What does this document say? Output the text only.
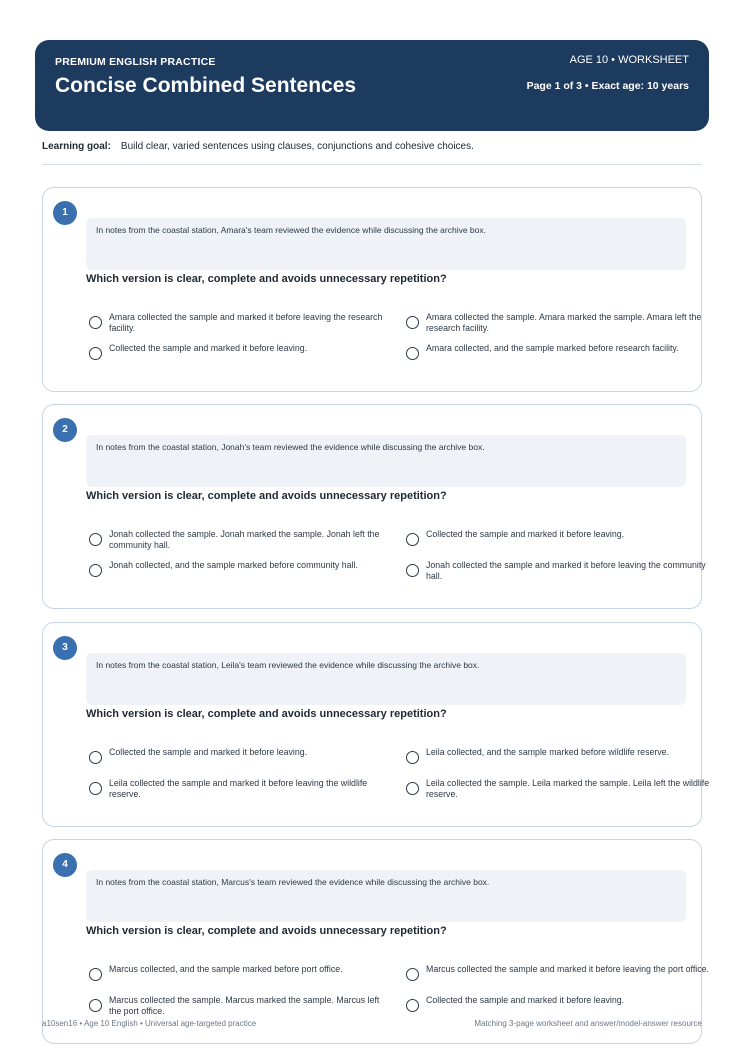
PREMIUM ENGLISH PRACTICE
Concise Combined Sentences
AGE 10 • WORKSHEET
Page 1 of 3 • Exact age: 10 years
Learning goal: Build clear, varied sentences using clauses, conjunctions and cohesive choices.
1
In notes from the coastal station, Amara's team reviewed the evidence while discussing the archive box.
Which version is clear, complete and avoids unnecessary repetition?
Amara collected the sample and marked it before leaving the research facility.
Amara collected the sample. Amara marked the sample. Amara left the research facility.
Collected the sample and marked it before leaving.	Amara collected, and the sample marked before research facility.
2
In notes from the coastal station, Jonah's team reviewed the evidence while discussing the archive box.
Which version is clear, complete and avoids unnecessary repetition?
Jonah collected the sample. Jonah marked the sample. Jonah left the community hall.
Collected the sample and marked it before leaving.
Jonah collected, and the sample marked before community hall.	Jonah collected the sample and marked it before leaving the community hall.
3
In notes from the coastal station, Leila's team reviewed the evidence while discussing the archive box.
Which version is clear, complete and avoids unnecessary repetition?
Collected the sample and marked it before leaving.	Leila collected, and the sample marked before wildlife reserve.
Leila collected the sample and marked it before leaving the wildlife reserve.
Leila collected the sample. Leila marked the sample. Leila left the wildlife reserve.
4
In notes from the coastal station, Marcus's team reviewed the evidence while discussing the archive box.
Which version is clear, complete and avoids unnecessary repetition?
Marcus collected, and the sample marked before port office.	Marcus collected the sample and marked it before leaving the port office.
Marcus collected the sample. Marcus marked the sample. Marcus left the port office.
Collected the sample and marked it before leaving.
a10sen16 • Age 10 English • Universal age-targeted practice	Matching 3-page worksheet and answer/model-answer resource
